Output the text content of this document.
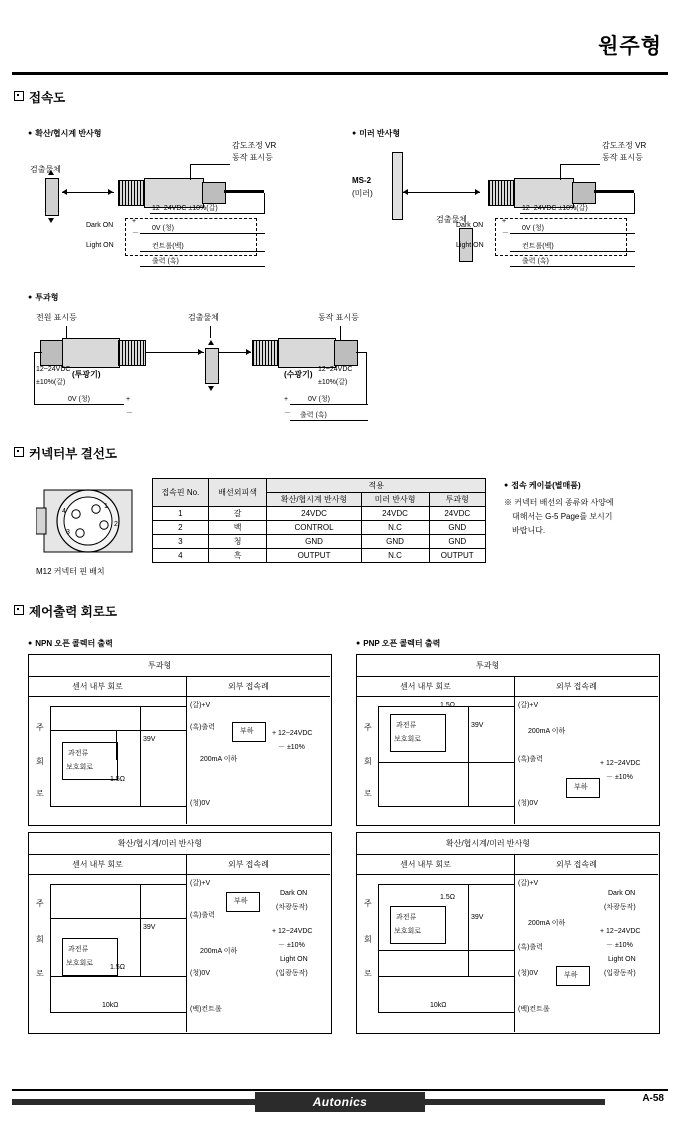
원주형
접속도
● 확산/협시계 반사형
검출물체
감도조정 VR
동작 표시등
Dark ON
Light ON
12~24VDC ±10%(갈)
0V (청)
컨트롤(백)
출력 (흑)
+
－
● 미러 반사형
MS-2
(미러)
검출물체
감도조정 VR
동작 표시등
Dark ON
Light ON
12~24VDC ±10%(갈)
0V (청)
컨트롤(백)
출력 (흑)
+
－
● 투과형
전원 표시등	검출물체	동작 표시등
(투광기)	(수광기)
12~24VDC
±10%(갈)
0V (청)	+
－
12~24VDC
±10%(갈)
0V (청)
출력 (흑)
+
－
커넥터부 결선도
1
2
3
4
M12 커넥터 핀 배치
접속핀 No.	배선외피색	적용		
		확산/협시계 반사형	미러 반사형	투과형
1	갈	24VDC	24VDC	24VDC
2	백	CONTROL	N.C	GND
3	청	GND	GND	GND
4	흑	OUTPUT	N.C	OUTPUT
● 접속 케이블(별매품)
※ 커넥터 배선의 종류와 사양에
대해서는 G-5 Page를 보시기
바랍니다.
제어출력 회로도
● NPN 오픈 콜렉터 출력	● PNP 오픈 콜렉터 출력
투과형
센서 내부 회로	외부 접속례
주
회
로
과전류
보호회로
(갈)+V
(흑)출력
(청)0V
부하	+ 12~24VDC
－ ±10%
200mA 이하
39V
1.5Ω
투과형
센서 내부 회로	외부 접속례
주
회
로
과전류
보호회로
(갈)+V
(흑)출력
(청)0V
부하
+ 12~24VDC
－ ±10%
200mA 이하
39V
1.5Ω
확산/협시계/미러 반사형
센서 내부 회로	외부 접속례
주
회
로
과전류
보호회로
(갈)+V
(흑)출력
(청)0V
(백)컨트롤
부하
Dark ON
(차광동작)
Light ON
(입광동작)
+ 12~24VDC
－ ±10%
200mA 이하
39V
1.5Ω
10kΩ
확산/협시계/미러 반사형
센서 내부 회로	외부 접속례
주
회
로
과전류
보호회로
(갈)+V
(흑)출력
(청)0V
(백)컨트롤
부하
Dark ON
(차광동작)
Light ON
(입광동작)
+ 12~24VDC
－ ±10%
200mA 이하
39V
1.5Ω
10kΩ
Autonics	A-58
